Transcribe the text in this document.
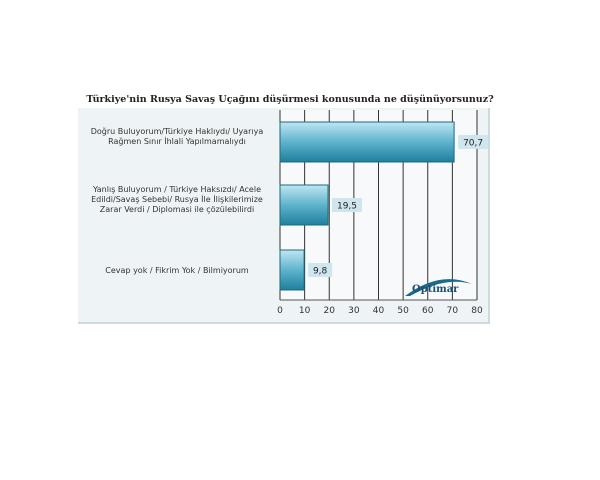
Türkiye'nin Rusya Savaş Uçağını düşürmesi konusunda ne düşünüyorsunuz?
Doğru Buluyorum/Türkiye Haklıydı/ Uyarıya Rağmen Sınır İhlali Yapılmamalıydı
Yanlış Buluyorum / Türkiye Haksızdı/ Acele Edildi/Savaş Sebebi/ Rusya İle İlişkilerimize Zarar Verdi / Diplomasi ile çözülebilirdi
Cevap yok / Fikrim Yok / Bilmiyorum
0 10 20 30 40 50 60 70 80
70,7
19,5
9,8
Optimar
